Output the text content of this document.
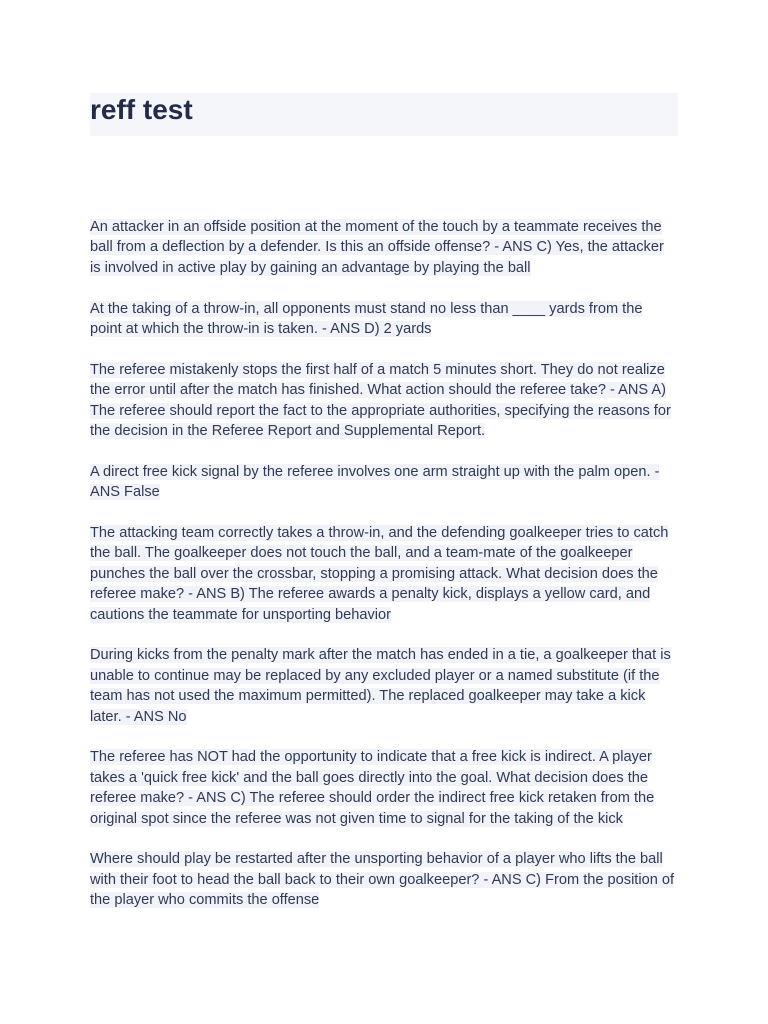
reff test

An attacker in an offside position at the moment of the touch by a teammate receives the ball from a deflection by a defender. Is this an offside offense? - ANS C) Yes, the attacker is involved in active play by gaining an advantage by playing the ball

At the taking of a throw-in, all opponents must stand no less than ____ yards from the point at which the throw-in is taken. - ANS D) 2 yards

The referee mistakenly stops the first half of a match 5 minutes short. They do not realize the error until after the match has finished. What action should the referee take? - ANS A) The referee should report the fact to the appropriate authorities, specifying the reasons for the decision in the Referee Report and Supplemental Report.

A direct free kick signal by the referee involves one arm straight up with the palm open. - ANS False

The attacking team correctly takes a throw-in, and the defending goalkeeper tries to catch the ball. The goalkeeper does not touch the ball, and a team-mate of the goalkeeper punches the ball over the crossbar, stopping a promising attack. What decision does the referee make? - ANS B) The referee awards a penalty kick, displays a yellow card, and cautions the teammate for unsporting behavior

During kicks from the penalty mark after the match has ended in a tie, a goalkeeper that is unable to continue may be replaced by any excluded player or a named substitute (if the team has not used the maximum permitted). The replaced goalkeeper may take a kick later. - ANS No

The referee has NOT had the opportunity to indicate that a free kick is indirect. A player takes a 'quick free kick' and the ball goes directly into the goal. What decision does the referee make? - ANS C) The referee should order the indirect free kick retaken from the original spot since the referee was not given time to signal for the taking of the kick

Where should play be restarted after the unsporting behavior of a player who lifts the ball with their foot to head the ball back to their own goalkeeper? - ANS C) From the position of the player who commits the offense
